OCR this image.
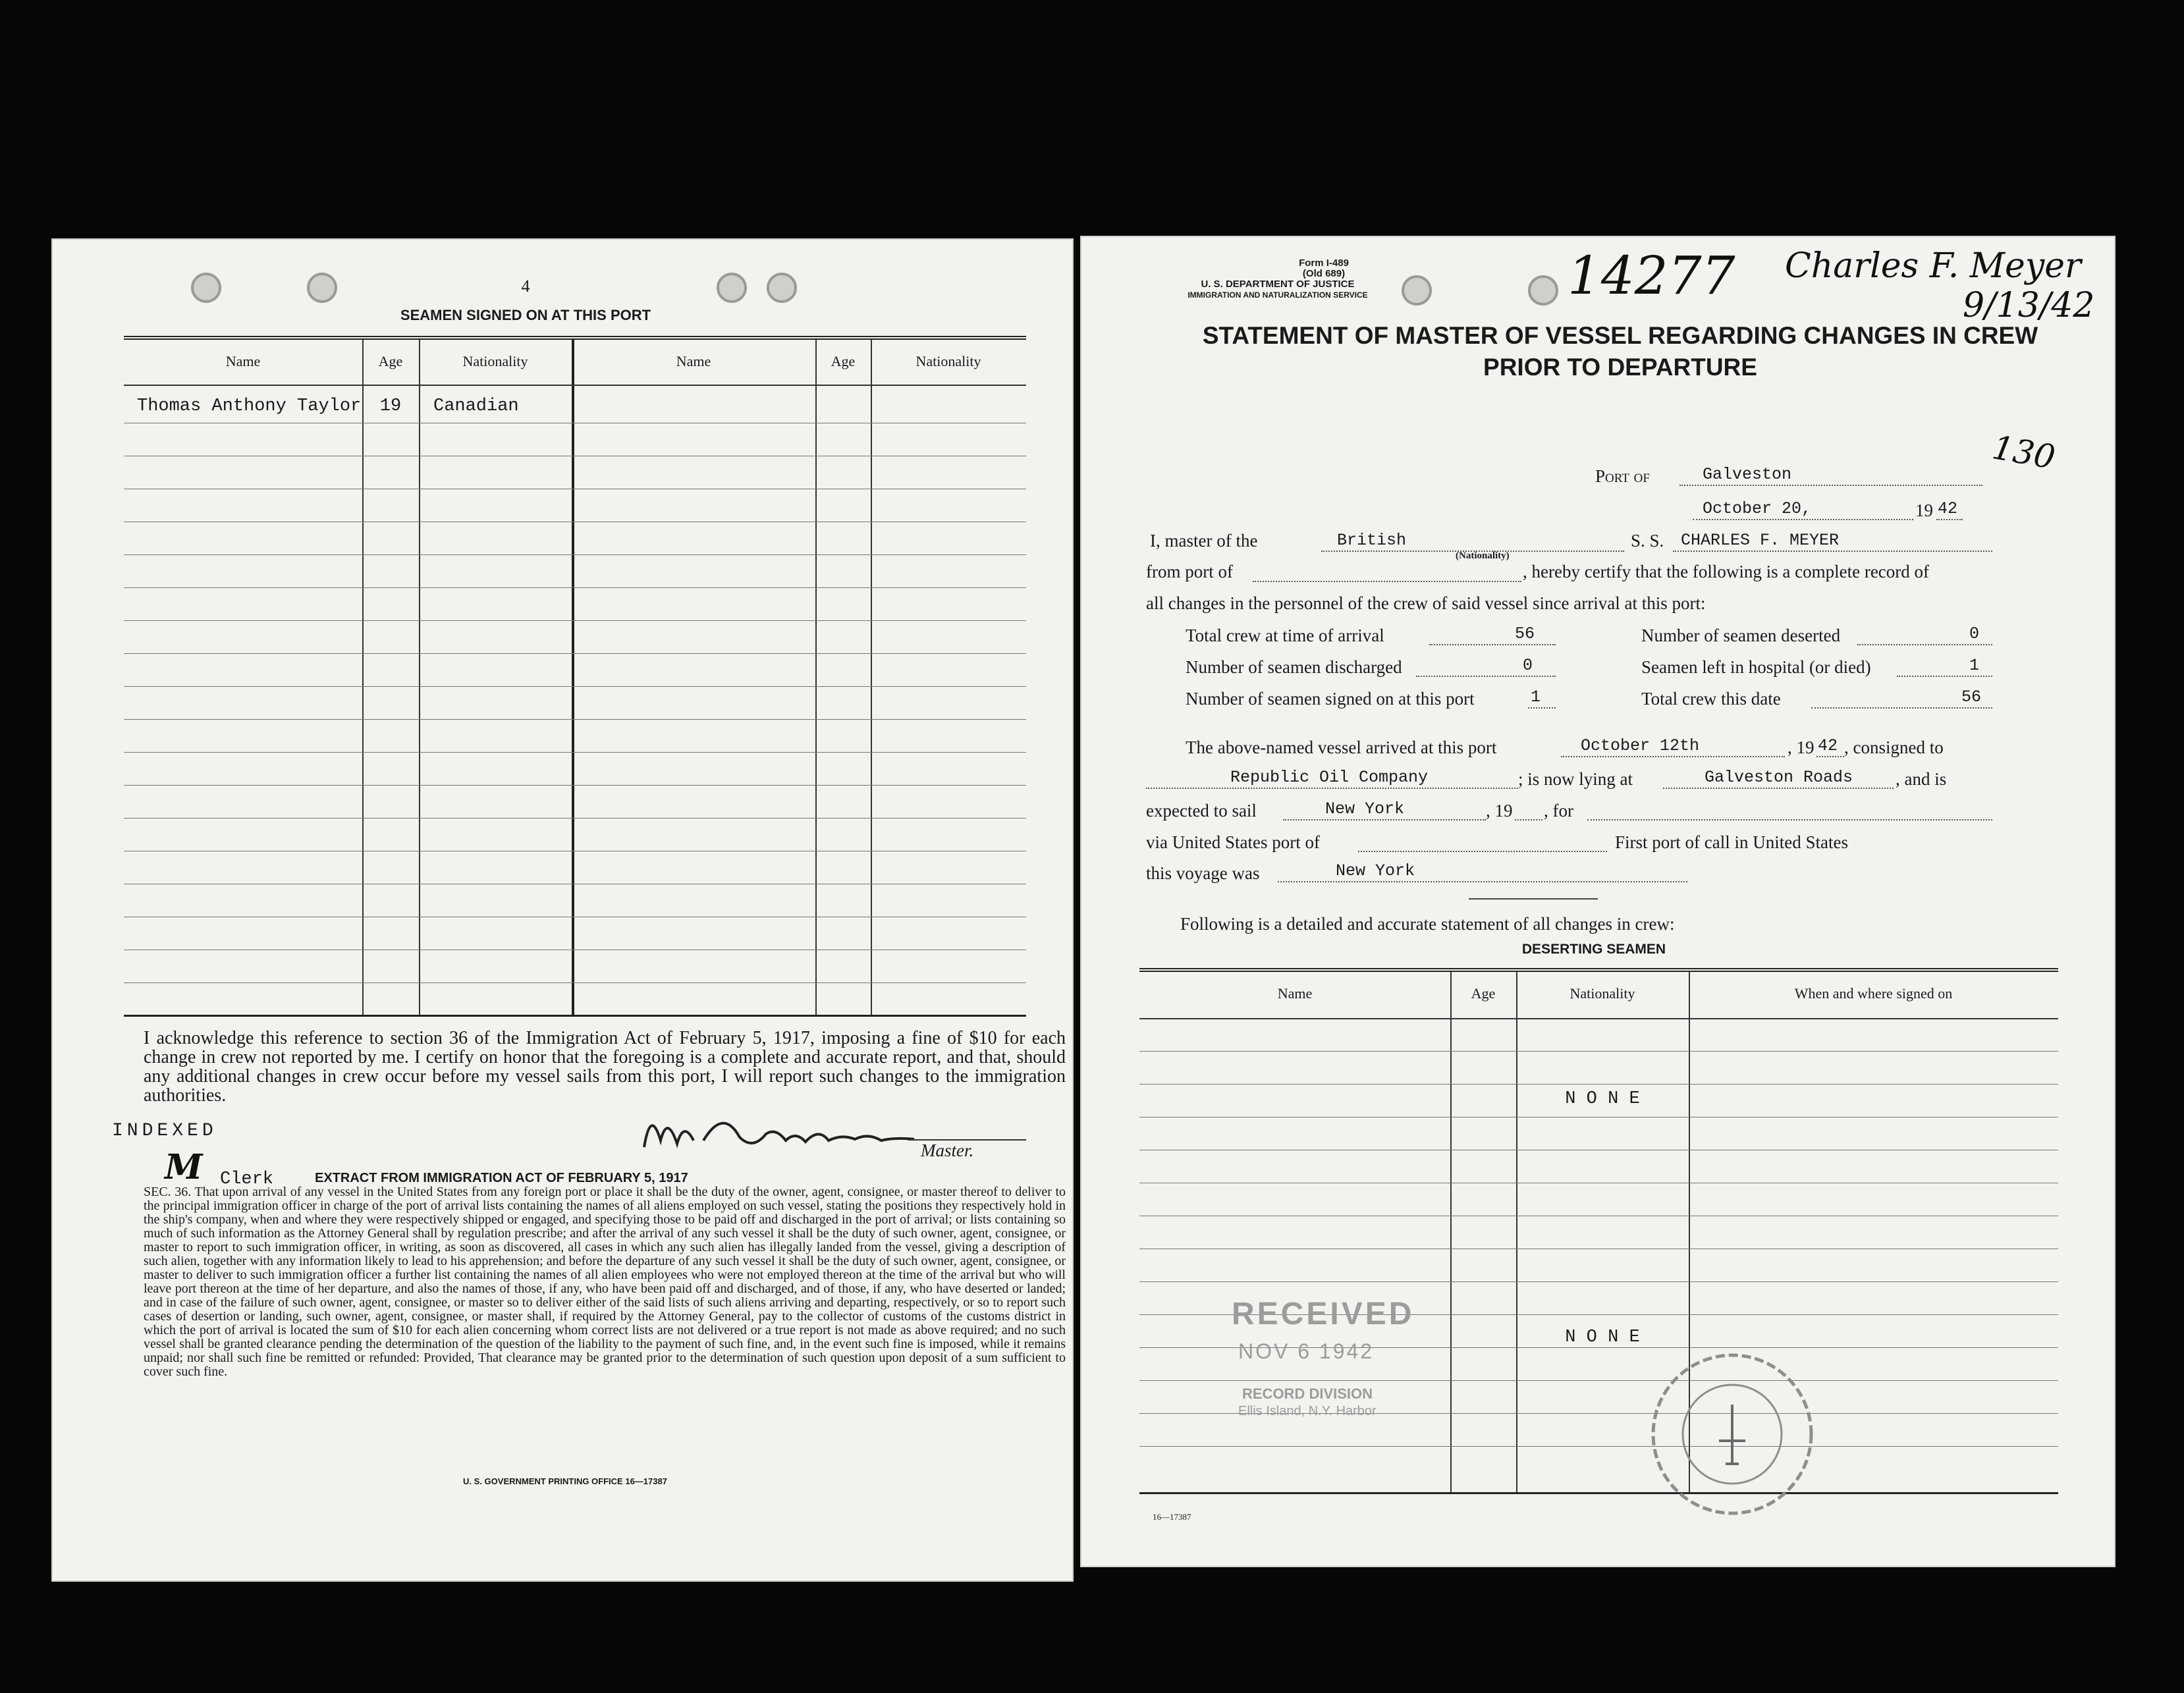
4
SEAMEN SIGNED ON AT THIS PORT
Name	Age	Nationality	Name	Age	Nationality
Thomas Anthony Taylor	19	Canadian
I acknowledge this reference to section 36 of the Immigration Act of February 5, 1917, imposing a fine of $10 for each change in crew not reported by me. I certify on honor that the foregoing is a complete and accurate report, and that, should any additional changes in crew occur before my vessel sails from this port, I will report such changes to the immigration authorities.
INDEXED
M Clerk
Master.
EXTRACT FROM IMMIGRATION ACT OF FEBRUARY 5, 1917
SEC. 36. That upon arrival of any vessel in the United States from any foreign port or place it shall be the duty of the owner, agent, consignee, or master thereof to deliver to the principal immigration officer in charge of the port of arrival lists containing the names of all aliens employed on such vessel, stating the positions they respectively hold in the ship's company, when and where they were respectively shipped or engaged, and specifying those to be paid off and discharged in the port of arrival; or lists containing so much of such information as the Attorney General shall by regulation prescribe; and after the arrival of any such vessel it shall be the duty of such owner, agent, consignee, or master to report to such immigration officer, in writing, as soon as discovered, all cases in which any such alien has illegally landed from the vessel, giving a description of such alien, together with any information likely to lead to his apprehension; and before the departure of any such vessel it shall be the duty of such owner, agent, consignee, or master to deliver to such immigration officer a further list containing the names of all alien employees who were not employed thereon at the time of the arrival but who will leave port thereon at the time of her departure, and also the names of those, if any, who have been paid off and discharged, and of those, if any, who have deserted or landed; and in case of the failure of such owner, agent, consignee, or master so to deliver either of the said lists of such aliens arriving and departing, respectively, or so to report such cases of desertion or landing, such owner, agent, consignee, or master shall, if required by the Attorney General, pay to the collector of customs of the customs district in which the port of arrival is located the sum of $10 for each alien concerning whom correct lists are not delivered or a true report is not made as above required; and no such vessel shall be granted clearance pending the determination of the question of the liability to the payment of such fine, and, in the event such fine is imposed, while it remains unpaid; nor shall such fine be remitted or refunded: Provided, That clearance may be granted prior to the determination of such question upon deposit of a sum sufficient to cover such fine.
U. S. GOVERNMENT PRINTING OFFICE 16—17387
Form I-489
(Old 689)
U. S. DEPARTMENT OF JUSTICE
IMMIGRATION AND NATURALIZATION SERVICE	14277 Charles F. Meyer
9/13/42
STATEMENT OF MASTER OF VESSEL REGARDING CHANGES IN CREW
PRIOR TO DEPARTURE
130
Port of	Galveston
October 20,	19 42
I, master of the	British
(Nationality)
S. S. CHARLES F. MEYER
from port of	, hereby certify that the following is a complete record of
all changes in the personnel of the crew of said vessel since arrival at this port:
Total crew at time of arrival	56
Number of seamen discharged	0
Number of seamen signed on at this port	1
Number of seamen deserted	0
Seamen left in hospital (or died)	1
Total crew this date	56
The above-named vessel arrived at this port	October 12th	, 19 42 , consigned to
Republic Oil Company	; is now lying at	Galveston Roads , and is
expected to sail	New York	, 19 , for
via United States port of	First port of call in United States
this voyage was	New York
Following is a detailed and accurate statement of all changes in crew:
DESERTING SEAMEN
Name	Age	Nationality	When and where signed on
N O N E
N O N E
RECEIVED
NOV 6 1942
RECORD DIVISION
Ellis Island, N.Y. Harbor
16—17387
